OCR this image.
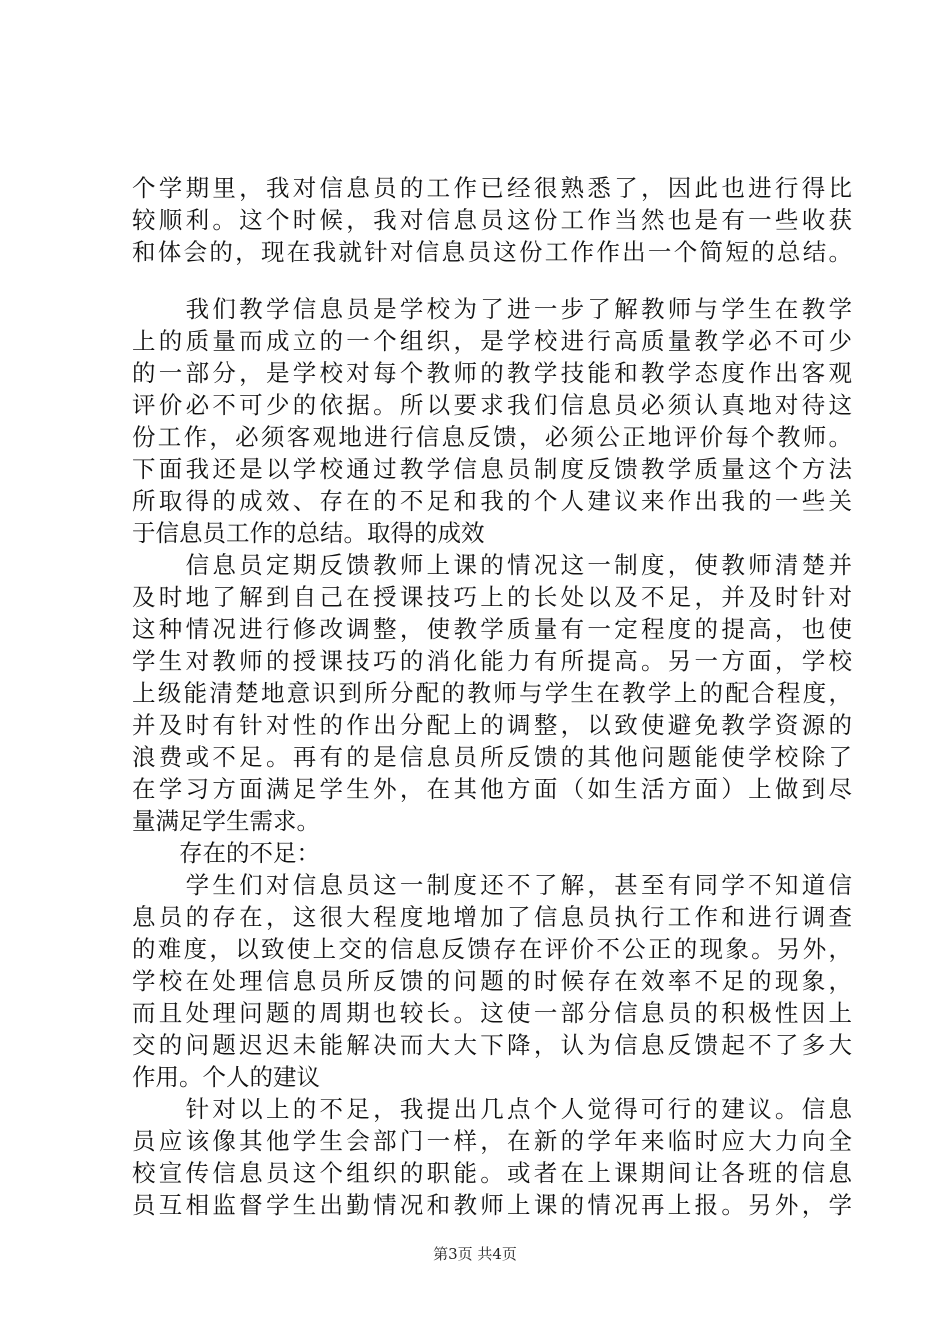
个学期里，我对信息员的工作已经很熟悉了，因此也进行得比
较顺利。这个时候，我对信息员这份工作当然也是有一些收获
和体会的，现在我就针对信息员这份工作作出一个简短的总结。
　　我们教学信息员是学校为了进一步了解教师与学生在教学
上的质量而成立的一个组织，是学校进行高质量教学必不可少
的一部分，是学校对每个教师的教学技能和教学态度作出客观
评价必不可少的依据。所以要求我们信息员必须认真地对待这
份工作，必须客观地进行信息反馈，必须公正地评价每个教师。
下面我还是以学校通过教学信息员制度反馈教学质量这个方法
所取得的成效、存在的不足和我的个人建议来作出我的一些关
于信息员工作的总结。取得的成效
　　信息员定期反馈教师上课的情况这一制度，使教师清楚并
及时地了解到自己在授课技巧上的长处以及不足，并及时针对
这种情况进行修改调整，使教学质量有一定程度的提高，也使
学生对教师的授课技巧的消化能力有所提高。另一方面，学校
上级能清楚地意识到所分配的教师与学生在教学上的配合程度，
并及时有针对性的作出分配上的调整，以致使避免教学资源的
浪费或不足。再有的是信息员所反馈的其他问题能使学校除了
在学习方面满足学生外，在其他方面（如生活方面）上做到尽
量满足学生需求。
　　存在的不足：
　　学生们对信息员这一制度还不了解，甚至有同学不知道信
息员的存在，这很大程度地增加了信息员执行工作和进行调查
的难度，以致使上交的信息反馈存在评价不公正的现象。另外，
学校在处理信息员所反馈的问题的时候存在效率不足的现象，
而且处理问题的周期也较长。这使一部分信息员的积极性因上
交的问题迟迟未能解决而大大下降，认为信息反馈起不了多大
作用。个人的建议
　　针对以上的不足，我提出几点个人觉得可行的建议。信息
员应该像其他学生会部门一样，在新的学年来临时应大力向全
校宣传信息员这个组织的职能。或者在上课期间让各班的信息
员互相监督学生出勤情况和教师上课的情况再上报。另外，学
第3页 共4页
